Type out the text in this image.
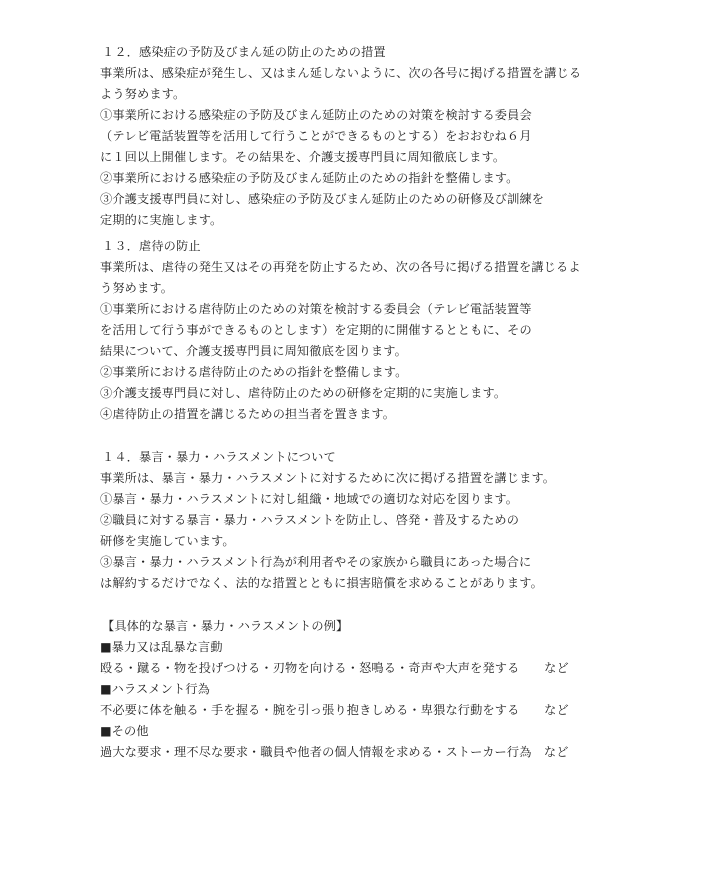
１２．感染症の予防及びまん延の防止のための措置
事業所は、感染症が発生し、又はまん延しないように、次の各号に掲げる措置を講じる
よう努めます。
①事業所における感染症の予防及びまん延防止のための対策を検討する委員会
（テレビ電話装置等を活用して行うことができるものとする）をおおむね６月
に１回以上開催します。その結果を、介護支援専門員に周知徹底します。
②事業所における感染症の予防及びまん延防止のための指針を整備します。
③介護支援専門員に対し、感染症の予防及びまん延防止のための研修及び訓練を
定期的に実施します。
１３．虐待の防止
事業所は、虐待の発生又はその再発を防止するため、次の各号に掲げる措置を講じるよ
う努めます。
①事業所における虐待防止のための対策を検討する委員会（テレビ電話装置等
を活用して行う事ができるものとします）を定期的に開催するとともに、その
結果について、介護支援専門員に周知徹底を図ります。
②事業所における虐待防止のための指針を整備します。
③介護支援専門員に対し、虐待防止のための研修を定期的に実施します。
④虐待防止の措置を講じるための担当者を置きます。
１４．暴言・暴力・ハラスメントについて
事業所は、暴言・暴力・ハラスメントに対するために次に掲げる措置を講じます。
①暴言・暴力・ハラスメントに対し組織・地域での適切な対応を図ります。
②職員に対する暴言・暴力・ハラスメントを防止し、啓発・普及するための
研修を実施しています。
③暴言・暴力・ハラスメント行為が利用者やその家族から職員にあった場合に
は解約するだけでなく、法的な措置とともに損害賠償を求めることがあります。
【具体的な暴言・暴力・ハラスメントの例】
■暴力又は乱暴な言動
殴る・蹴る・物を投げつける・刃物を向ける・怒鳴る・奇声や大声を発する　　など
■ハラスメント行為
不必要に体を触る・手を握る・腕を引っ張り抱きしめる・卑猥な行動をする　　など
■その他
過大な要求・理不尽な要求・職員や他者の個人情報を求める・ストーカー行為　など
